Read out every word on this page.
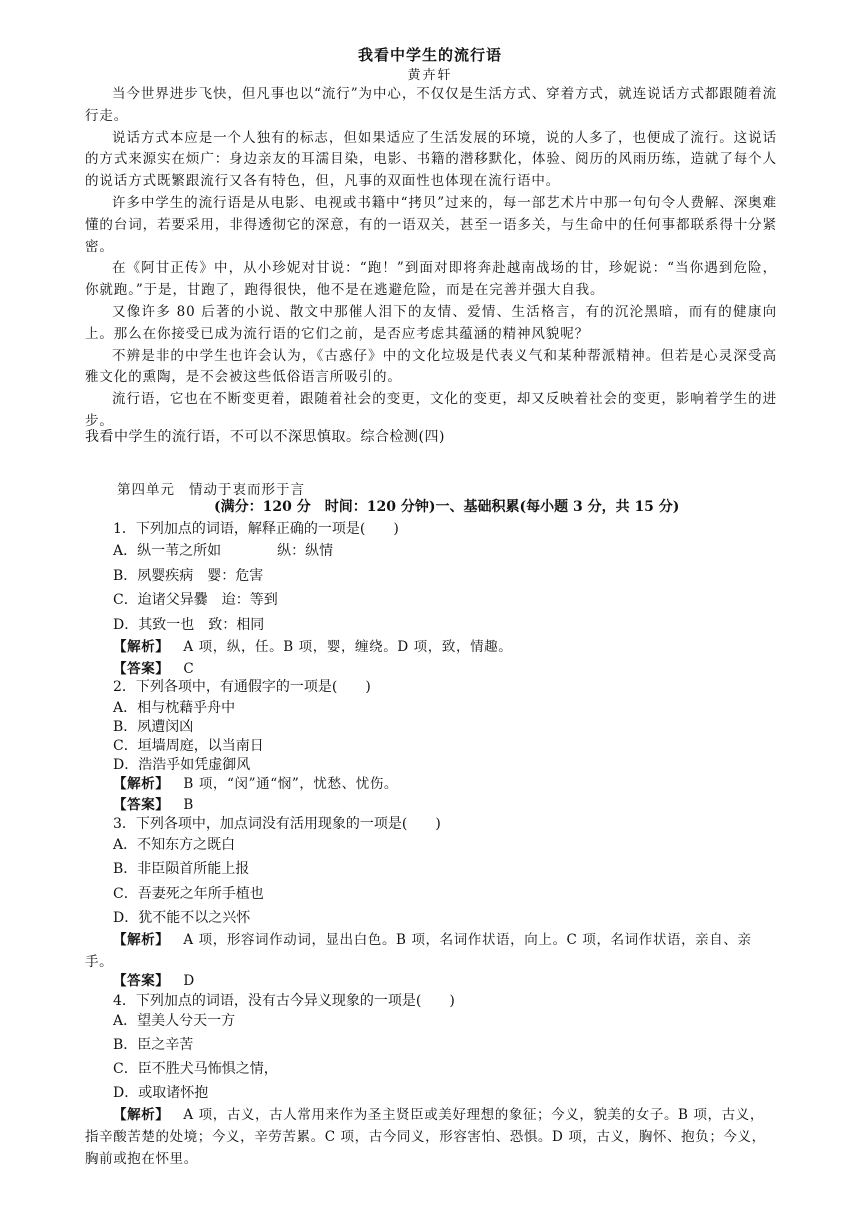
我看中学生的流行语
黄卉轩

当今世界进步飞快，但凡事也以“流行”为中心，不仅仅是生活方式、穿着方式，就连说话方式都跟随着流行走。

说话方式本应是一个人独有的标志，但如果适应了生活发展的环境，说的人多了，也便成了流行。这说话的方式来源实在烦广：身边亲友的耳濡目染，电影、书籍的潜移默化，体验、阅历的风雨历练，造就了每个人的说话方式既繁跟流行又各有特色，但，凡事的双面性也体现在流行语中。

许多中学生的流行语是从电影、电视或书籍中“拷贝”过来的，每一部艺术片中那一句句令人费解、深奥难懂的台词，若要采用，非得透彻它的深意，有的一语双关，甚至一语多关，与生命中的任何事都联系得十分紧密。

在《阿甘正传》中，从小珍妮对甘说：“跑！”到面对即将奔赴越南战场的甘，珍妮说：“当你遇到危险，你就跑。”于是，甘跑了，跑得很快，他不是在逃避危险，而是在完善并强大自我。

又像许多 80 后著的小说、散文中那催人泪下的友情、爱情、生活格言，有的沉沦黑暗，而有的健康向上。那么在你接受已成为流行语的它们之前，是否应考虑其蕴涵的精神风貌呢？

不辨是非的中学生也许会认为，《古惑仔》中的文化垃圾是代表义气和某种帮派精神。但若是心灵深受高雅文化的熏陶，是不会被这些低俗语言所吸引的。

流行语，它也在不断变更着，跟随着社会的变更，文化的变更，却又反映着社会的变更，影响着学生的进步。

我看中学生的流行语，不可以不深思慎取。综合检测(四)
第四单元 情动于衷而形于言
(满分：120 分　时间：120 分钟)一、基础积累(每小题 3 分，共 15 分)
1．下列加点的词语，解释正确的一项是(　　)
A．纵一苇之所如　　　　纵：纵情
B．夙婴疾病　婴：危害
C．迨诸父异爨　迨：等到
D．其致一也　致：相同
【解析】 A 项，纵，任。B 项，婴，缠绕。D 项，致，情趣。
【答案】 C
2．下列各项中，有通假字的一项是(　　)
A．相与枕藉乎舟中
B．夙遭闵凶
C．垣墙周庭，以当南日
D．浩浩乎如凭虚御风
【解析】 B 项，“闵”通“悯”，忧愁、忧伤。
【答案】 B
3．下列各项中，加点词没有活用现象的一项是(　　)
A．不知东方之既白
B．非臣陨首所能上报
C．吾妻死之年所手植也
D．犹不能不以之兴怀
【解析】 A 项，形容词作动词，显出白色。B 项，名词作状语，向上。C 项，名词作状语，亲自、亲手。
【答案】 D
4．下列加点的词语，没有古今异义现象的一项是(　　)
A．望美人兮天一方
B．臣之辛苦
C．臣不胜犬马怖惧之情，
D．或取诸怀抱
【解析】 A 项，古义，古人常用来作为圣主贤臣或美好理想的象征；今义，貌美的女子。B 项，古义，指辛酸苦楚的处境；今义，辛劳苦累。C 项，古今同义，形容害怕、恐惧。D 项，古义，胸怀、抱负；今义，胸前或抱在怀里。
